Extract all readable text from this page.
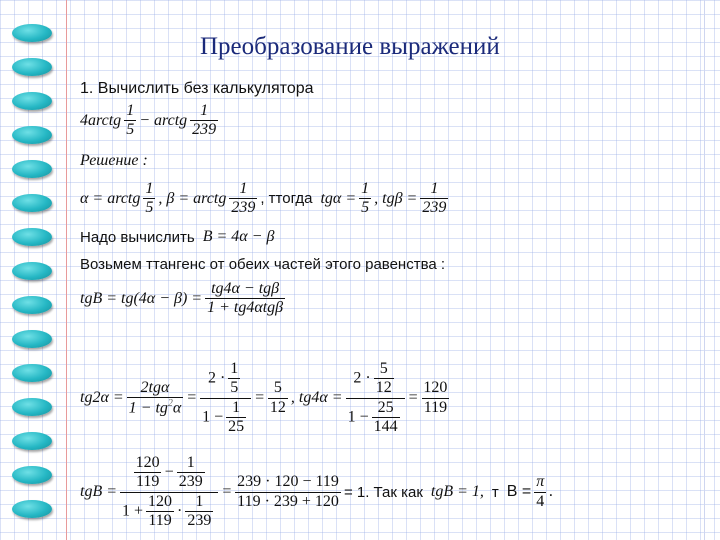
Преобразование выражений
1. Вычислить без калькулятора
4arctg $\frac{1}{5}$ − arctg $\frac{1}{239}$
Решение :
α = arctg $\frac{1}{5}$ , β = arctg $\frac{1}{239}$ , ттогда $tg\alpha = \frac{1}{5}$ , $tg\beta = \frac{1}{239}$
Надо вычислить B = 4α − β
Возьмем ттангенс от обеих частей этого равенства :
tgB = $tg(4\alpha - \beta) = \frac{\text{tg4α − tgβ}}{\text{1 + tg4αtgβ}}$
$tg2\alpha = \frac{\text{2tgα}}{1 - tg^2\alpha} = \frac{2 \cdot \frac{1}{5}}{1 - \frac{1}{25}} = \frac{5}{12}$ , $tg4\alpha = \frac{2 \cdot \frac{5}{12}}{1 - \frac{25}{144}} = \frac{120}{119}$
tgB = $\frac{\frac{120}{119} - \frac{1}{239}}{1 + \frac{120}{119} \cdot \frac{1}{239}} = \frac{239 \cdot 120 - 119}{119 \cdot 239 + 120} = 1$. Так как tgB = 1, т $B = \frac{\pi}{4}$ .
